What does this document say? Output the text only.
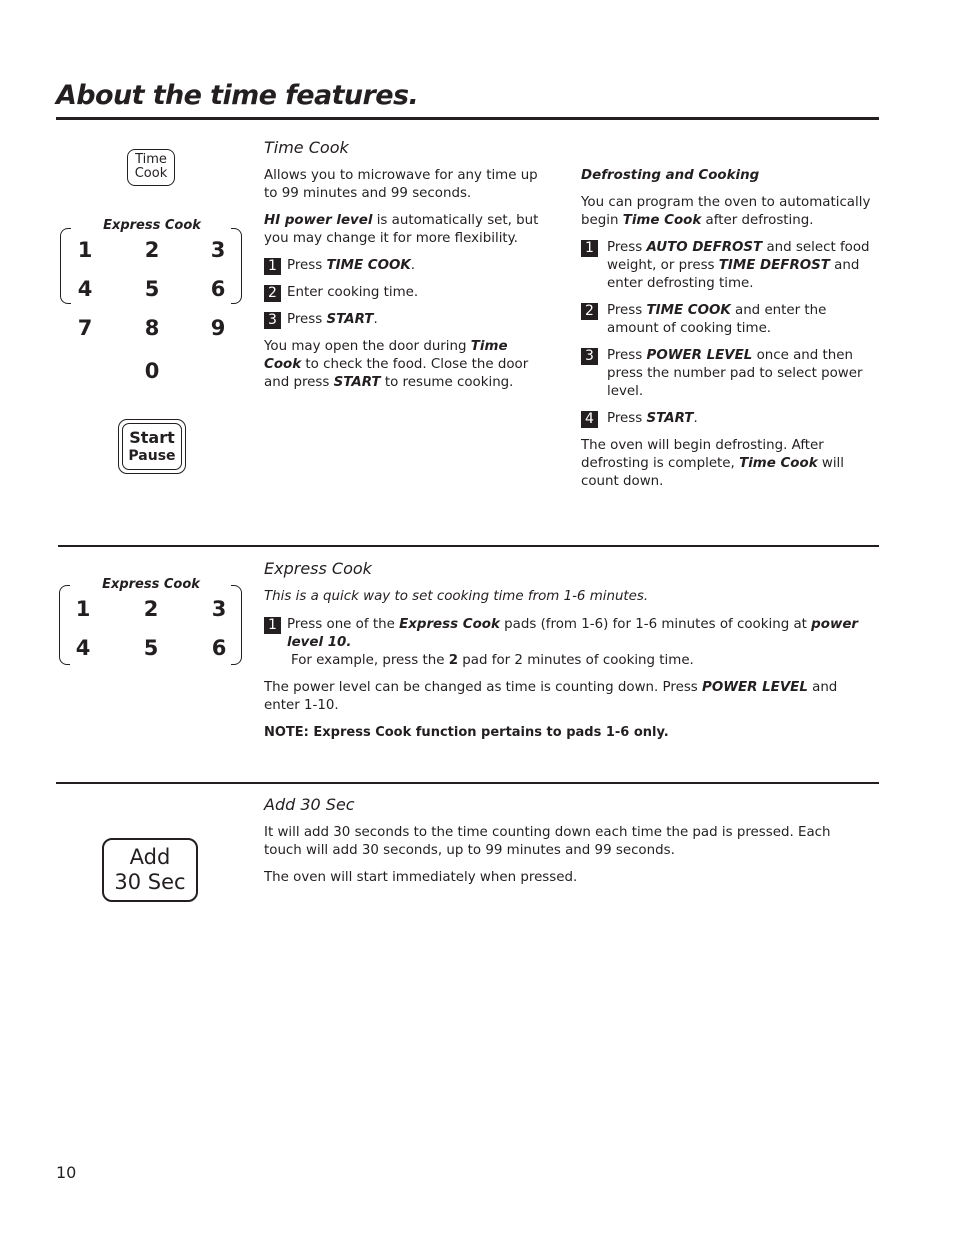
About the time features.
Time Cook
Express Cook
1	2	3
4	5	6
7	8	9
0
Start
Pause
Time Cook
Allows you to microwave for any time up to 99 minutes and 99 seconds.
HI power level is automatically set, but you may change it for more flexibility.
1 Press TIME COOK.
2 Enter cooking time.
3 Press START.
You may open the door during Time Cook to check the food. Close the door and press START to resume cooking.
Defrosting and Cooking
You can program the oven to automatically begin Time Cook after defrosting.
1 Press AUTO DEFROST and select food weight, or press TIME DEFROST and enter defrosting time.
2 Press TIME COOK and enter the amount of cooking time.
3 Press POWER LEVEL once and then press the number pad to select power level.
4 Press START.
The oven will begin defrosting. After defrosting is complete, Time Cook will count down.
Express Cook
1	2	3
4	5	6
Express Cook
This is a quick way to set cooking time from 1-6 minutes.
1 Press one of the Express Cook pads (from 1-6) for 1-6 minutes of cooking at power level 10.
For example, press the 2 pad for 2 minutes of cooking time.
The power level can be changed as time is counting down. Press POWER LEVEL and enter 1-10.
NOTE: Express Cook function pertains to pads 1-6 only.
Add
30 Sec
Add 30 Sec
It will add 30 seconds to the time counting down each time the pad is pressed. Each touch will add 30 seconds, up to 99 minutes and 99 seconds.
The oven will start immediately when pressed.
10
